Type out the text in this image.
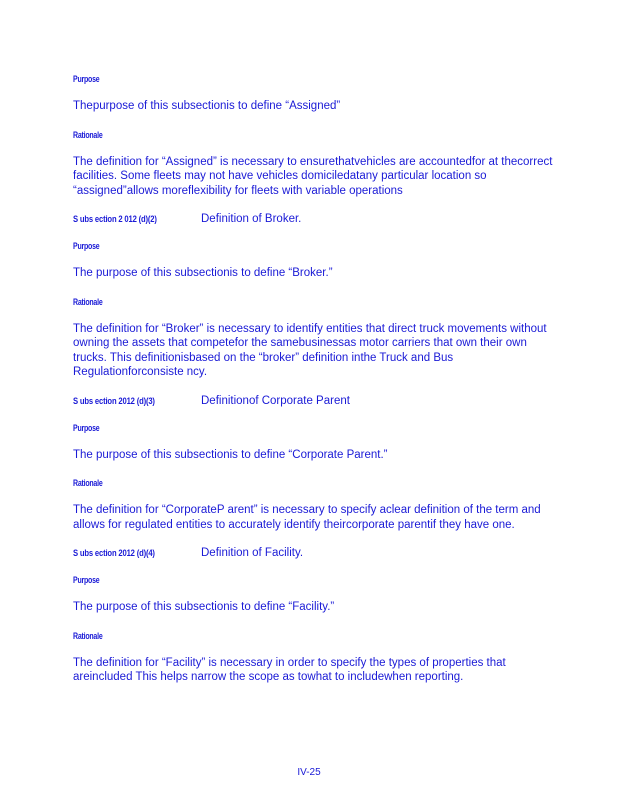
Purpose

Thepurpose of this subsectionis to define “Assigned”

Rationale

The definition for “Assigned” is necessary to ensurethatvehicles are accountedfor at thecorrect facilities. Some fleets may not have vehicles domiciledatany particular location so “assigned”allows moreflexibility for fleets with variable operations

S ubs ection 2 012 (d)(2)	Definition of Broker.

Purpose

The purpose of this subsectionis to define “Broker.”

Rationale

The definition for “Broker” is necessary to identify entities that direct truck movements without owning the assets that competefor the samebusinessas motor carriers that own their own trucks. This definitionisbased on the “broker” definition inthe Truck and Bus Regulationforconsiste ncy.

S ubs ection 2012 (d)(3)	Definitionof Corporate Parent

Purpose

The purpose of this subsectionis to define “Corporate Parent.”

Rationale

The definition for “CorporateP arent” is necessary to specify aclear definition of the term and allows for regulated entities to accurately identify theircorporate parentif they have one.

S ubs ection 2012 (d)(4)	Definition of Facility.

Purpose

The purpose of this subsectionis to define “Facility.”

Rationale

The definition for “Facility” is necessary in order to specify the types of properties that areincluded This helps narrow the scope as towhat to includewhen reporting.

IV-25
